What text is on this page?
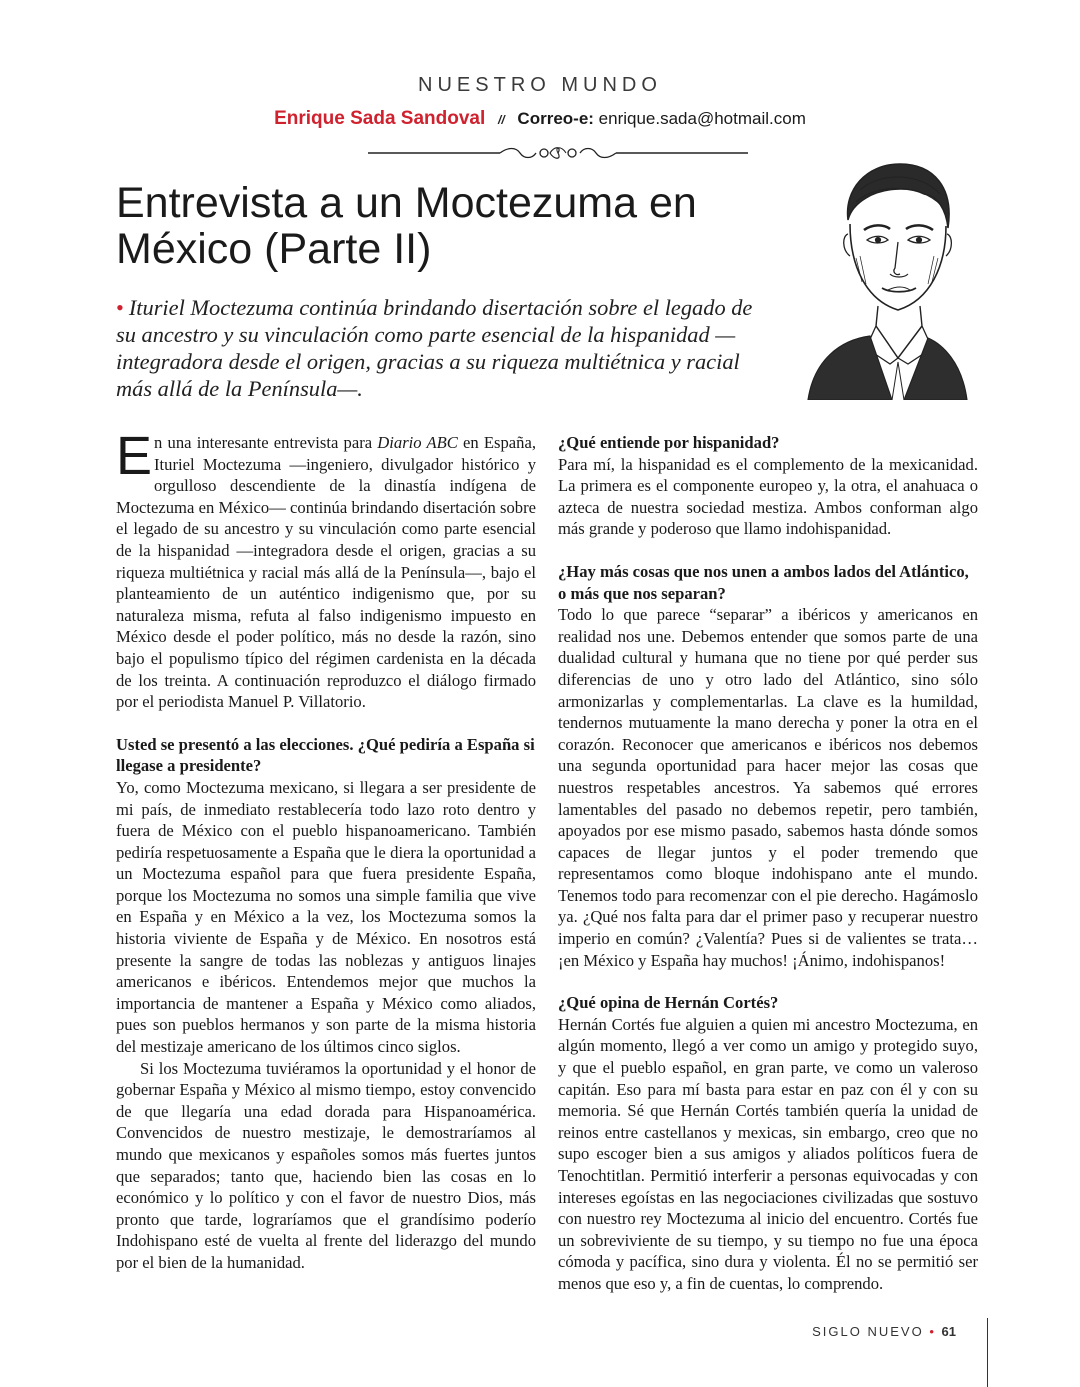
NUESTRO MUNDO
Enrique Sada Sandoval // Correo-e: enrique.sada@hotmail.com
Entrevista a un Moctezuma en México (Parte II)
• Ituriel Moctezuma continúa brindando disertación sobre el legado de su ancestro y su vinculación como parte esencial de la hispanidad —integradora desde el origen, gracias a su riqueza multiétnica y racial más allá de la Península—.

En una interesante entrevista para Diario ABC en España, Ituriel Moctezuma —ingeniero, divulgador histórico y orgulloso descendiente de la dinastía indígena de Moctezuma en México— continúa brindando disertación sobre el legado de su ancestro y su vinculación como parte esencial de la hispanidad —integradora desde el origen, gracias a su riqueza multiétnica y racial más allá de la Península—, bajo el planteamiento de un auténtico indigenismo que, por su naturaleza misma, refuta al falso indigenismo impuesto en México desde el poder político, más no desde la razón, sino bajo el populismo típico del régimen cardenista en la década de los treinta. A continuación reproduzco el diálogo firmado por el periodista Manuel P. Villatorio.

Usted se presentó a las elecciones. ¿Qué pediría a España si llegase a presidente?

Yo, como Moctezuma mexicano, si llegara a ser presidente de mi país, de inmediato restablecería todo lazo roto dentro y fuera de México con el pueblo hispanoamericano. También pediría respetuosamente a España que le diera la oportunidad a un Moctezuma español para que fuera presidente España, porque los Moctezuma no somos una simple familia que vive en España y en México a la vez, los Moctezuma somos la historia viviente de España y de México. En nosotros está presente la sangre de todas las noblezas y antiguos linajes americanos e ibéricos. Entendemos mejor que muchos la importancia de mantener a España y México como aliados, pues son pueblos hermanos y son parte de la misma historia del mestizaje americano de los últimos cinco siglos.

Si los Moctezuma tuviéramos la oportunidad y el honor de gobernar España y México al mismo tiempo, estoy convencido de que llegaría una edad dorada para Hispanoamérica. Convencidos de nuestro mestizaje, le demostraríamos al mundo que mexicanos y españoles somos más fuertes juntos que separados; tanto que, haciendo bien las cosas en lo económico y lo político y con el favor de nuestro Dios, más pronto que tarde, lograríamos que el grandísimo poderío Indohispano esté de vuelta al frente del liderazgo del mundo por el bien de la humanidad.

¿Qué entiende por hispanidad?

Para mí, la hispanidad es el complemento de la mexicanidad. La primera es el componente europeo y, la otra, el anahuaca o azteca de nuestra sociedad mestiza. Ambos conforman algo más grande y poderoso que llamo indohispanidad.

¿Hay más cosas que nos unen a ambos lados del Atlántico, o más que nos separan?

Todo lo que parece “separar” a ibéricos y americanos en realidad nos une. Debemos entender que somos parte de una dualidad cultural y humana que no tiene por qué perder sus diferencias de uno y otro lado del Atlántico, sino sólo armonizarlas y complementarlas. La clave es la humildad, tendernos mutuamente la mano derecha y poner la otra en el corazón. Reconocer que americanos e ibéricos nos debemos una segunda oportunidad para hacer mejor las cosas que nuestros respetables ancestros. Ya sabemos qué errores lamentables del pasado no debemos repetir, pero también, apoyados por ese mismo pasado, sabemos hasta dónde somos capaces de llegar juntos y el poder tremendo que representamos como bloque indohispano ante el mundo. Tenemos todo para recomenzar con el pie derecho. Hagámoslo ya. ¿Qué nos falta para dar el primer paso y recuperar nuestro imperio en común? ¿Valentía? Pues si de valientes se trata… ¡en México y España hay muchos! ¡Ánimo, indohispanos!

¿Qué opina de Hernán Cortés?

Hernán Cortés fue alguien a quien mi ancestro Moctezuma, en algún momento, llegó a ver como un amigo y protegido suyo, y que el pueblo español, en gran parte, ve como un valeroso capitán. Eso para mí basta para estar en paz con él y con su memoria. Sé que Hernán Cortés también quería la unidad de reinos entre castellanos y mexicas, sin embargo, creo que no supo escoger bien a sus amigos y aliados políticos fuera de Tenochtitlan. Permitió interferir a personas equivocadas y con intereses egoístas en las negociaciones civilizadas que sostuvo con nuestro rey Moctezuma al inicio del encuentro. Cortés fue un sobreviviente de su tiempo, y su tiempo no fue una época cómoda y pacífica, sino dura y violenta. Él no se permitió ser menos que eso y, a fin de cuentas, lo comprendo.

SIGLO NUEVO • 61
